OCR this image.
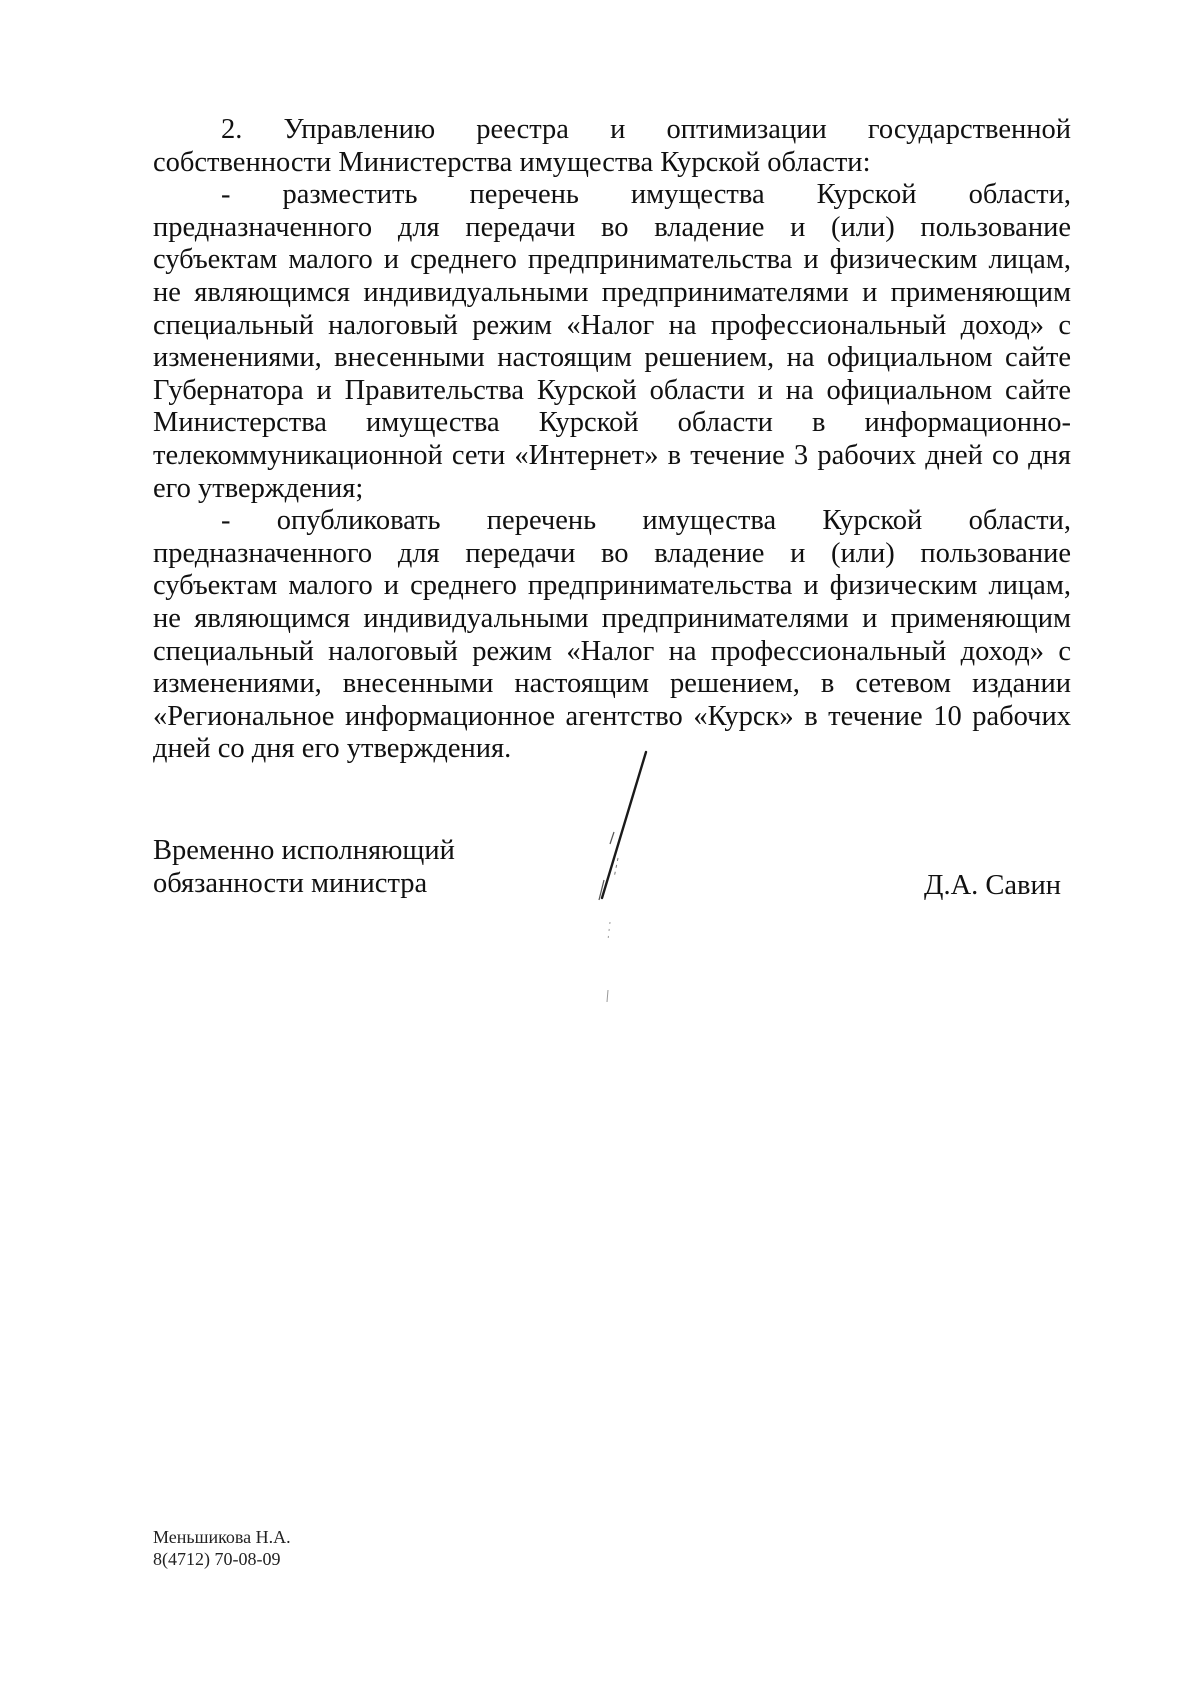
2. Управлению реестра и оптимизации государственной
собственности Министерства имущества Курской области:

- разместить перечень имущества Курской области,
предназначенного для передачи во владение и (или) пользование субъектам малого и среднего предпринимательства и физическим лицам, не являющимся индивидуальными предпринимателями и применяющим специальный налоговый режим «Налог на профессиональный доход» с изменениями, внесенными настоящим решением, на официальном сайте Губернатора и Правительства Курской области и на официальном сайте Министерства имущества Курской области в информационно-телекоммуникационной сети «Интернет» в течение 3 рабочих дней со дня его утверждения;

- опубликовать перечень имущества Курской области,
предназначенного для передачи во владение и (или) пользование субъектам малого и среднего предпринимательства и физическим лицам, не являющимся индивидуальными предпринимателями и применяющим специальный налоговый режим «Налог на профессиональный доход» с изменениями, внесенными настоящим решением, в сетевом издании «Региональное информационное агентство «Курск» в течение 10 рабочих дней со дня его утверждения.

Временно исполняющий
обязанности министра	Д.А. Савин
Меньшикова Н.А.
8(4712) 70-08-09
